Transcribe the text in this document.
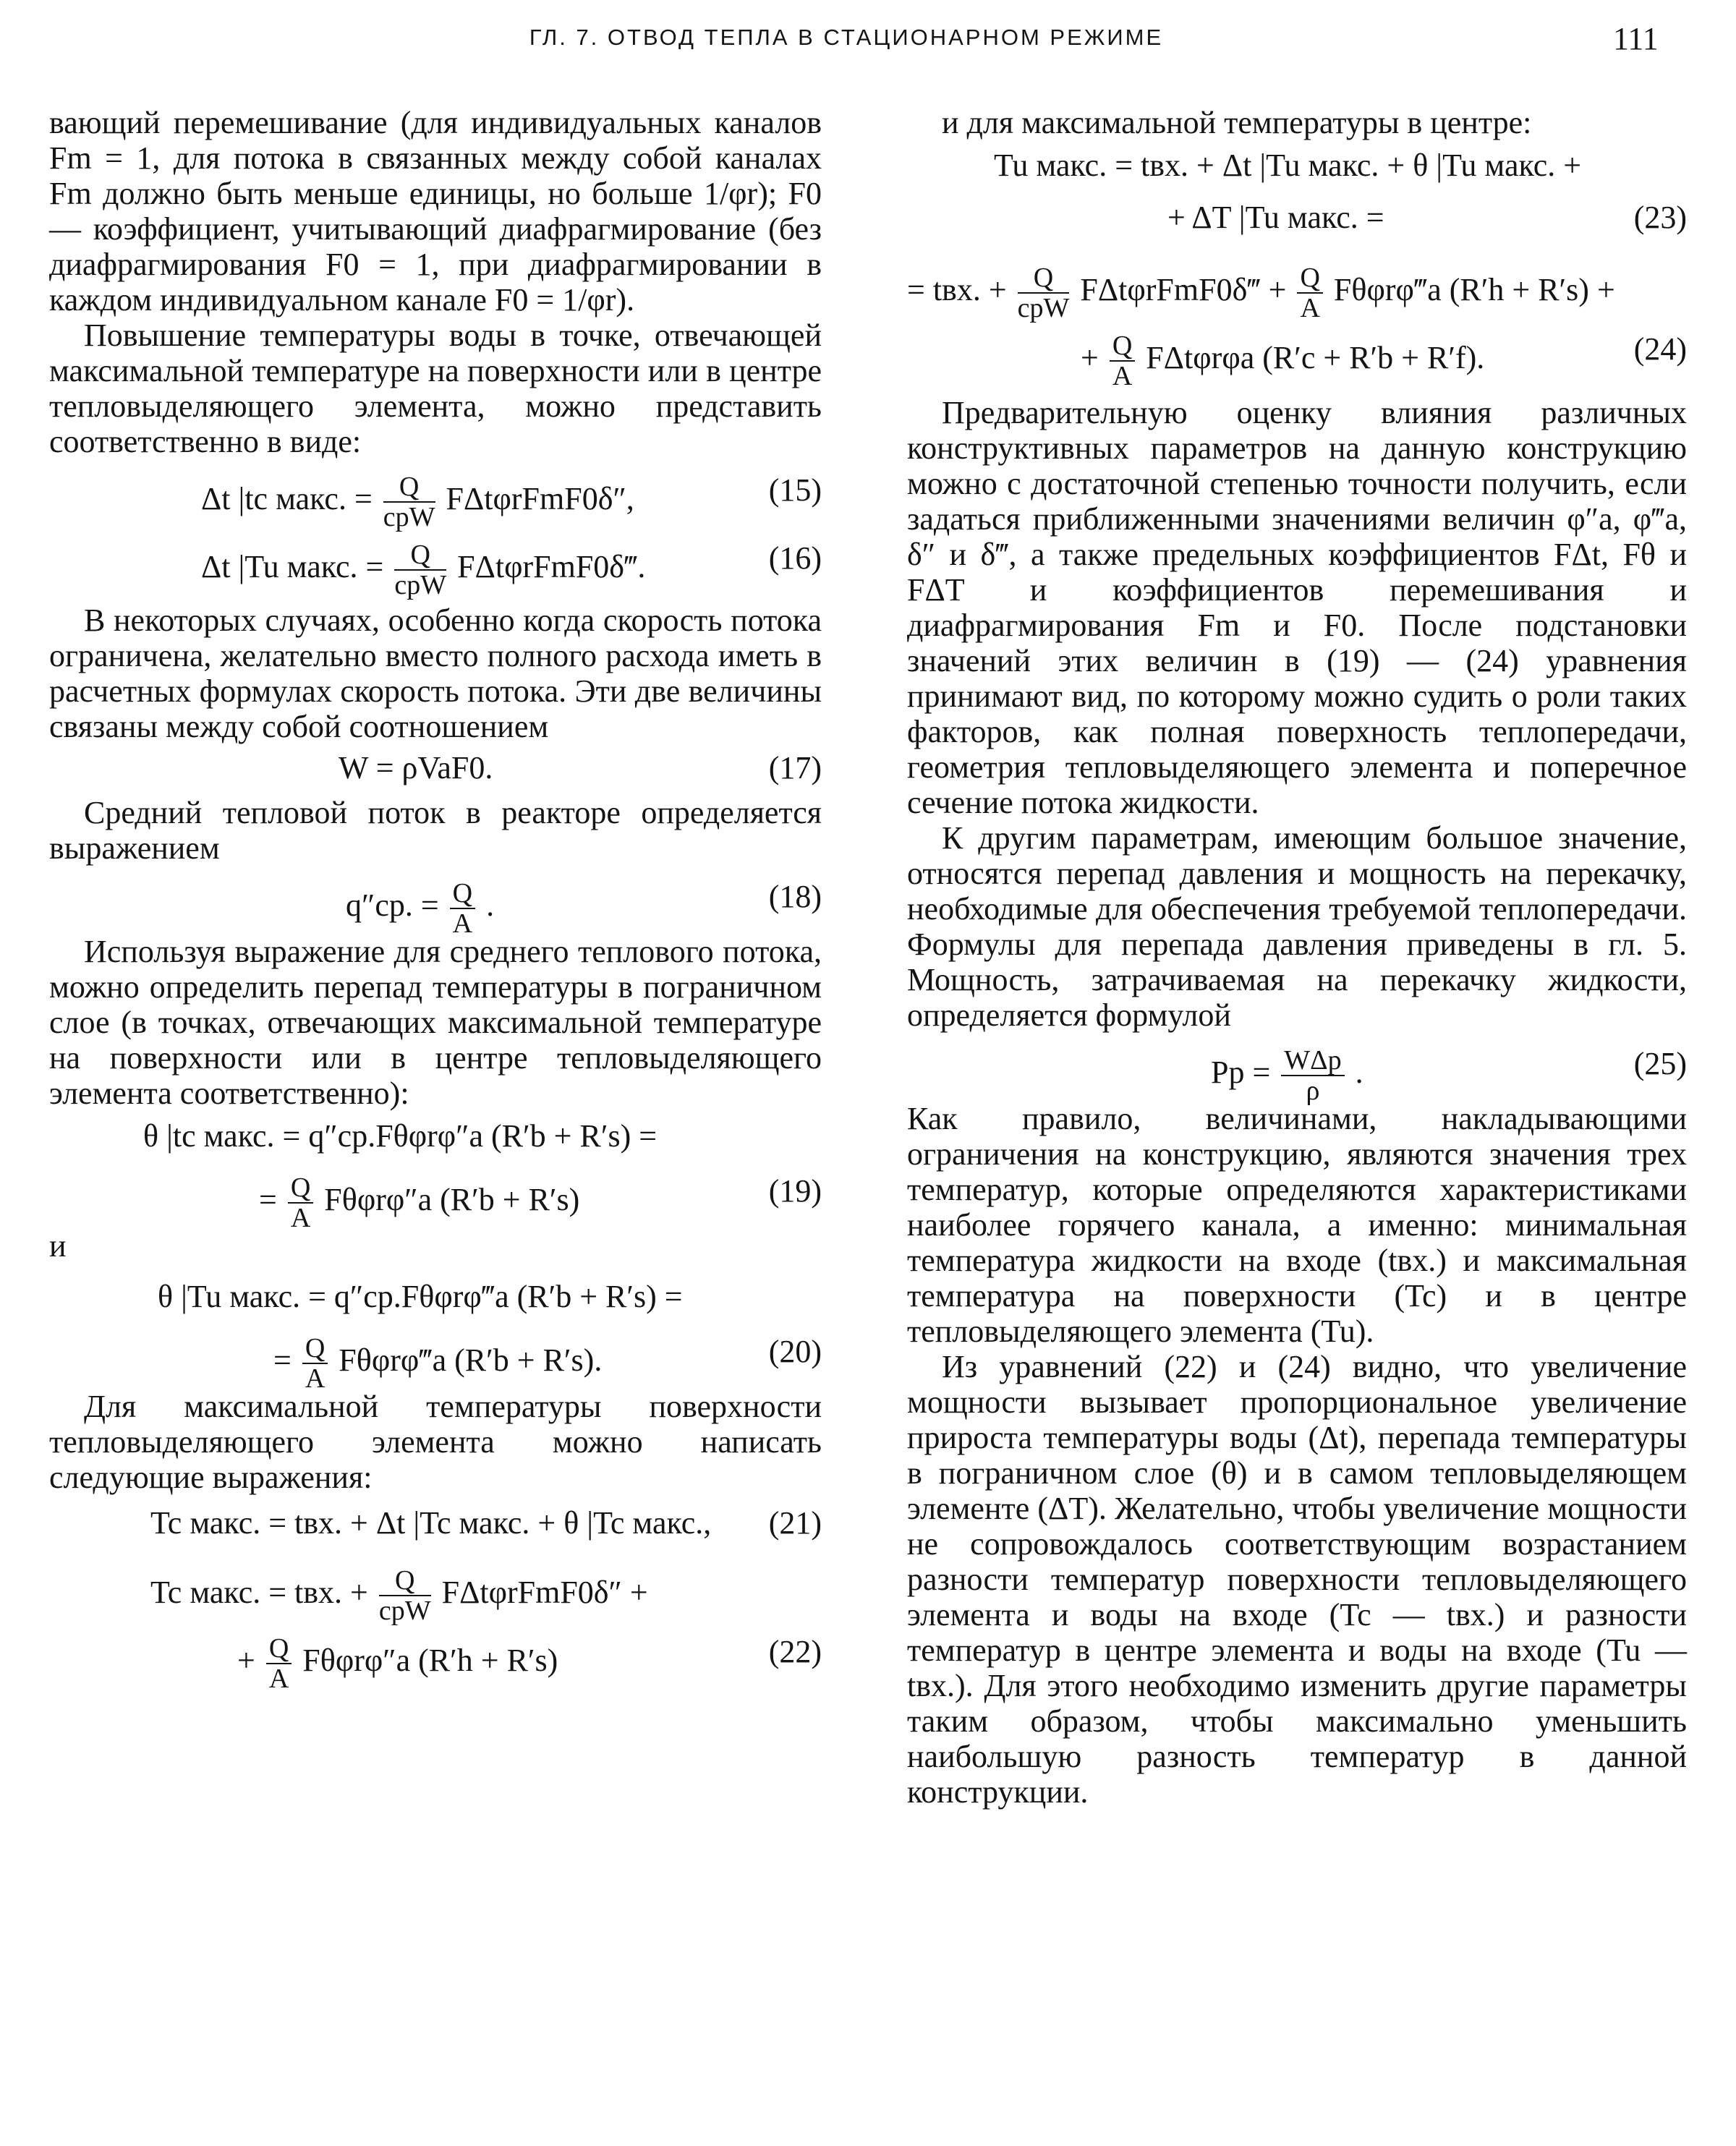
ГЛ. 7. ОТВОД ТЕПЛА В СТАЦИОНАРНОМ РЕЖИМЕ	111

вающий перемешивание (для индивидуальных каналов Fm = 1, для потока в связанных между собой каналах Fm должно быть меньше единицы, но больше 1/φr); F0 — коэффициент, учитывающий диафрагмирование (без диафрагмирования F0 = 1, при диафрагмировании в каждом индивидуальном канале F0 = 1/φr).

Повышение температуры воды в точке, отвечающей максимальной температуре на поверхности или в центре тепловыделяющего элемента, можно представить соответственно в виде:

Δt |tc макс. = Q
cpW
FΔtφrFmF0δ″,	(15)
Δt |Tu макс. = Q
cpW
FΔtφrFmF0δ‴.	(16)

В некоторых случаях, особенно когда скорость потока ограничена, желательно вместо полного расхода иметь в расчетных формулах скорость потока. Эти две величины связаны между собой соотношением

W = ρVaF0.	(17)

Средний тепловой поток в реакторе определяется выражением

q″ср. = $\frac{Q}{A}$ .	(18)

Используя выражение для среднего теплового потока, можно определить перепад температуры в пограничном слое (в точках, отвечающих максимальной температуре на поверхности или в центре тепловыделяющего элемента соответственно):

θ |tc макс. = q″ср.Fθφrφ″a (R′b + R′s) =
= $\frac{Q}{A} F\theta\varphi r\varphi''a$ (R′b + R′s)	(19)
и
θ |Tu макс. = q″ср.Fθφrφ‴a (R′b + R′s) =
= $\frac{Q}{A}$ Fθφrφ‴a (R′b + R′s).	(20)

Для максимальной температуры поверхности тепловыделяющего элемента можно написать следующие выражения:

Tc макс. = tвх. + Δt |Tc макс. + θ |Tc макс., (21)
Tc макс. = tвх. + Q
cpW
FΔtφrFmF0δ″ +
+ $\frac{Q}{A} F\theta\varphi r\varphi''a$ (R′h + R′s)	(22)

и для максимальной температуры в центре:

Tu макс. = tвх. + Δt |Tu макс. + θ |Tu макс. +
+ ΔT |Tu макс. =	(23)
= tвх. + Q
cpW
FΔtφrFmF0δ‴ + $\frac{Q}{A}$ Fθφrφ‴a (R′h + R′s) +
+ $\frac{Q}{A}$ FΔtφrφa (R′c + R′b + R′f).	(24)

Предварительную оценку влияния различных конструктивных параметров на данную конструкцию можно с достаточной степенью точности получить, если задаться приближенными значениями величин φ″a, φ‴a, δ″ и δ‴, а также предельных коэффициентов FΔt, Fθ и FΔT и коэффициентов перемешивания и диафрагмирования Fm и F0. После подстановки значений этих величин в (19) — (24) уравнения принимают вид, по которому можно судить о роли таких факторов, как полная поверхность теплопередачи, геометрия тепловыделяющего элемента и поперечное сечение потока жидкости.

К другим параметрам, имеющим большое значение, относятся перепад давления и мощность на перекачку, необходимые для обеспечения требуемой теплопередачи. Формулы для перепада давления приведены в гл. 5. Мощность, затрачиваемая на перекачку жидкости, определяется формулой

Pp = WΔp
ρ
.	(25)

Как правило, величинами, накладывающими ограничения на конструкцию, являются значения трех температур, которые определяются характеристиками наиболее горячего канала, а именно: минимальная температура жидкости на входе (tвх.) и максимальная температура на поверхности (Tc) и в центре тепловыделяющего элемента (Tu).

Из уравнений (22) и (24) видно, что увеличение мощности вызывает пропорциональное увеличение прироста температуры воды (Δt), перепада температуры в пограничном слое (θ) и в самом тепловыделяющем элементе (ΔT). Желательно, чтобы увеличение мощности не сопровождалось соответствующим возрастанием разности температур поверхности тепловыделяющего элемента и воды на входе (Tc — tвх.) и разности температур в центре элемента и воды на входе (Tu — tвх.). Для этого необходимо изменить другие параметры таким образом, чтобы максимально уменьшить наибольшую разность температур в данной конструкции.
